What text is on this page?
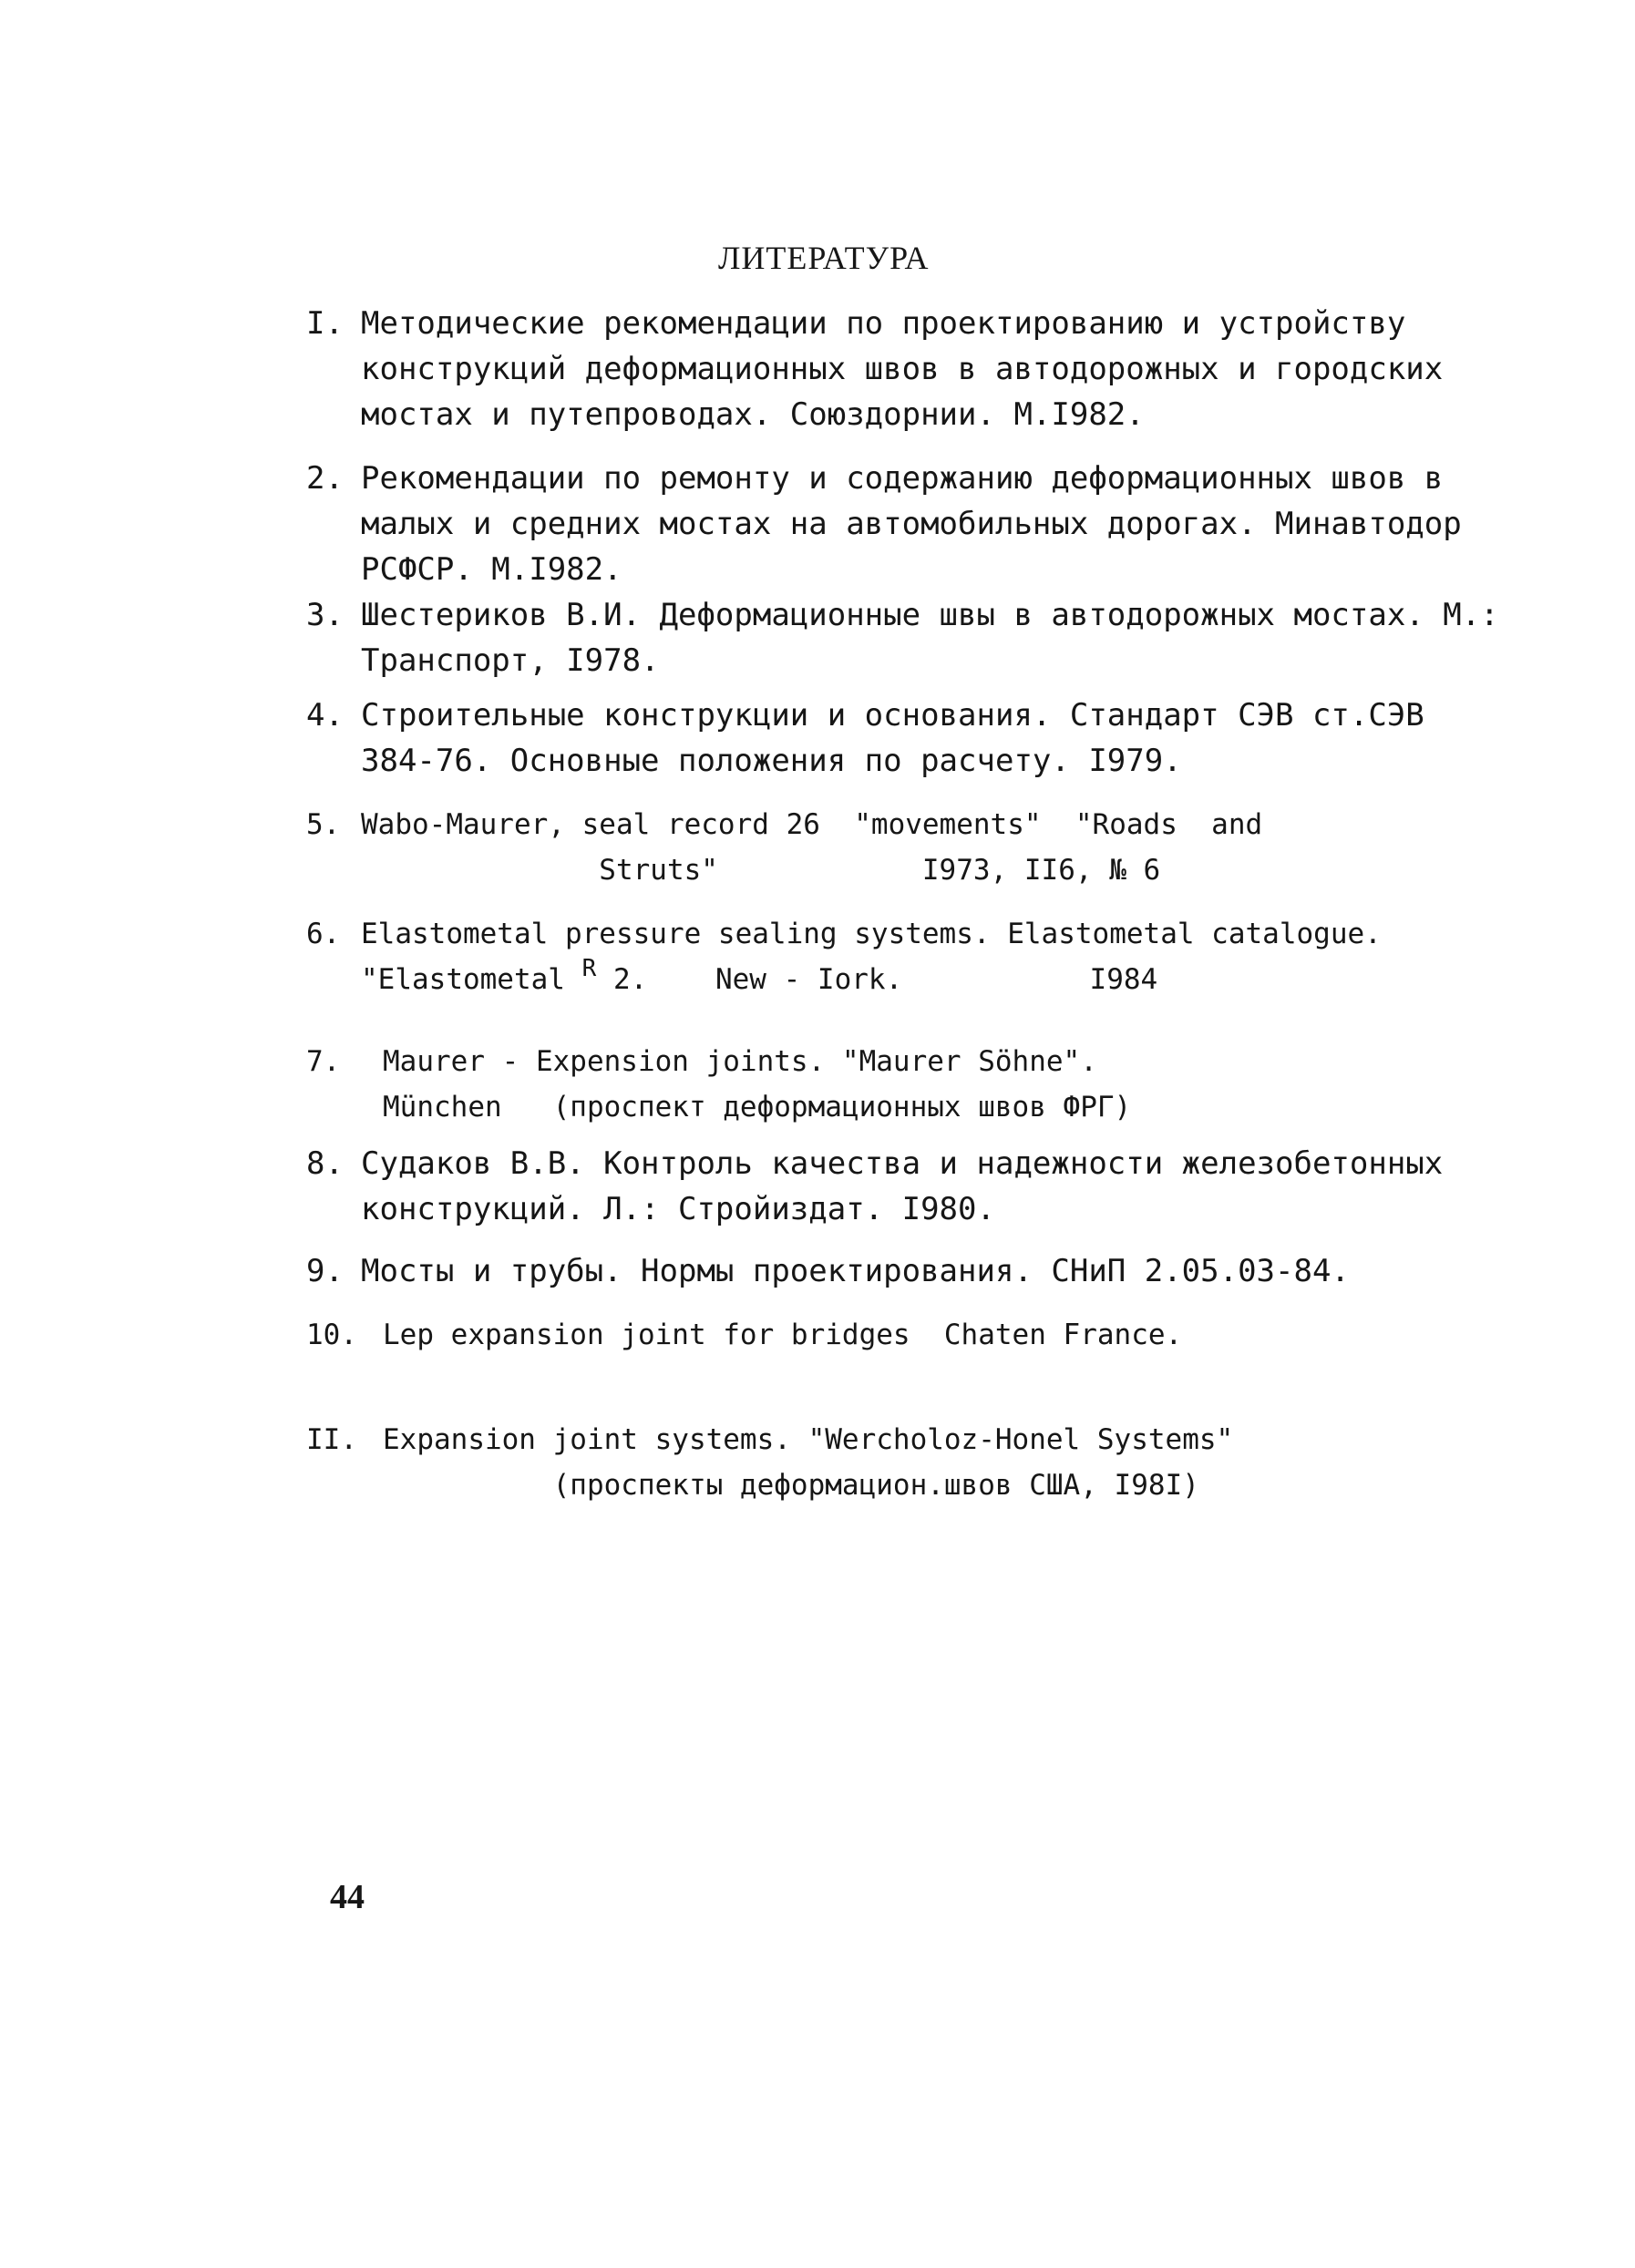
ЛИТЕРАТУРА
I. Методические рекомендации по проектированию и устройству
конструкций деформационных швов в автодорожных и городских
мостах и путепроводах. Союздорнии. М.I982.
2. Рекомендации по ремонту и содержанию деформационных швов в
малых и средних мостах на автомобильных дорогах. Минавтодор
РСФСР. М.I982.
3. Шестериков В.И. Деформационные швы в автодорожных мостах. М.:
Транспорт, I978.
4. Строительные конструкции и основания. Стандарт СЭВ ст.СЭВ
384-76. Основные положения по расчету. I979.
5. Wabo-Maurer, seal record 26  "movements"  "Roads  and
Struts"            I973, II6, № 6
6. Elastometal pressure sealing systems. Elastometal catalogue.
"Elastometal $^R$ 2.    New - Iork.           I984
7. Maurer - Expension joints. "Maurer Söhne".
München   (проспект деформационных швов ФРГ)
8. Судаков В.В. Контроль качества и надежности железобетонных
конструкций. Л.: Стройиздат. I980.
9. Мосты и трубы. Нормы проектирования. СНиП 2.05.03-84.
10. Lep expansion joint for bridges  Chaten France.
II. Expansion joint systems. "Wercholoz-Honel Systems"
(проспекты деформацион.швов США, I98I)
44
